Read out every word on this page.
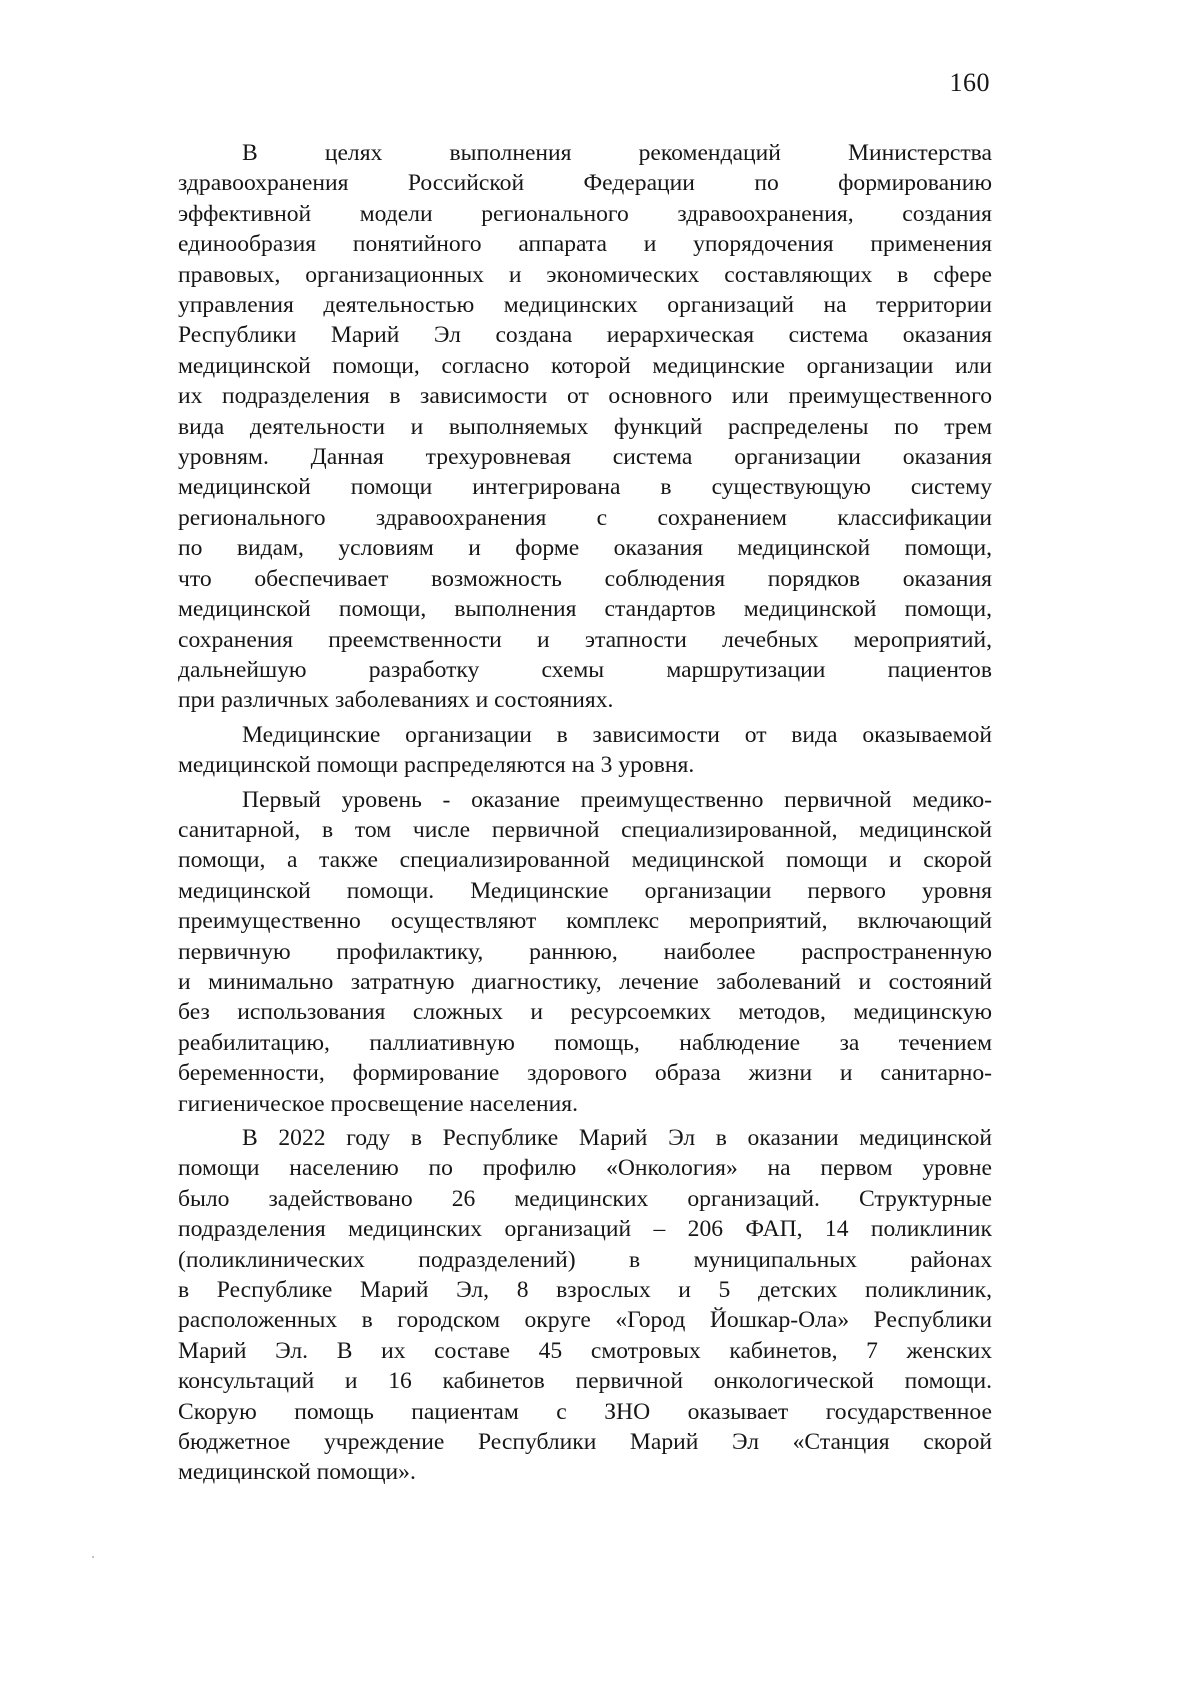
160
В целях выполнения рекомендаций Министерства
здравоохранения Российской Федерации по формированию
эффективной модели регионального здравоохранения, создания
единообразия понятийного аппарата и упорядочения применения
правовых, организационных и экономических составляющих в сфере
управления деятельностью медицинских организаций на территории
Республики Марий Эл создана иерархическая система оказания
медицинской помощи, согласно которой медицинские организации или
их подразделения в зависимости от основного или преимущественного
вида деятельности и выполняемых функций распределены по трем
уровням. Данная трехуровневая система организации оказания
медицинской помощи интегрирована в существующую систему
регионального здравоохранения с сохранением классификации
по видам, условиям и форме оказания медицинской помощи,
что обеспечивает возможность соблюдения порядков оказания
медицинской помощи, выполнения стандартов медицинской помощи,
сохранения преемственности и этапности лечебных мероприятий,
дальнейшую разработку схемы маршрутизации пациентов
при различных заболеваниях и состояниях.
Медицинские организации в зависимости от вида оказываемой
медицинской помощи распределяются на 3 уровня.
Первый уровень - оказание преимущественно первичной медико-
санитарной, в том числе первичной специализированной, медицинской
помощи, а также специализированной медицинской помощи и скорой
медицинской помощи. Медицинские организации первого уровня
преимущественно осуществляют комплекс мероприятий, включающий
первичную профилактику, раннюю, наиболее распространенную
и минимально затратную диагностику, лечение заболеваний и состояний
без использования сложных и ресурсоемких методов, медицинскую
реабилитацию, паллиативную помощь, наблюдение за течением
беременности, формирование здорового образа жизни и санитарно-
гигиеническое просвещение населения.
В 2022 году в Республике Марий Эл в оказании медицинской
помощи населению по профилю «Онкология» на первом уровне
было задействовано 26 медицинских организаций. Структурные
подразделения медицинских организаций – 206 ФАП, 14 поликлиник
(поликлинических подразделений) в муниципальных районах
в Республике Марий Эл, 8 взрослых и 5 детских поликлиник,
расположенных в городском округе «Город Йошкар-Ола» Республики
Марий Эл. В их составе 45 смотровых кабинетов, 7 женских
консультаций и 16 кабинетов первичной онкологической помощи.
Скорую помощь пациентам с ЗНО оказывает государственное
бюджетное учреждение Республики Марий Эл «Станция скорой
медицинской помощи».
